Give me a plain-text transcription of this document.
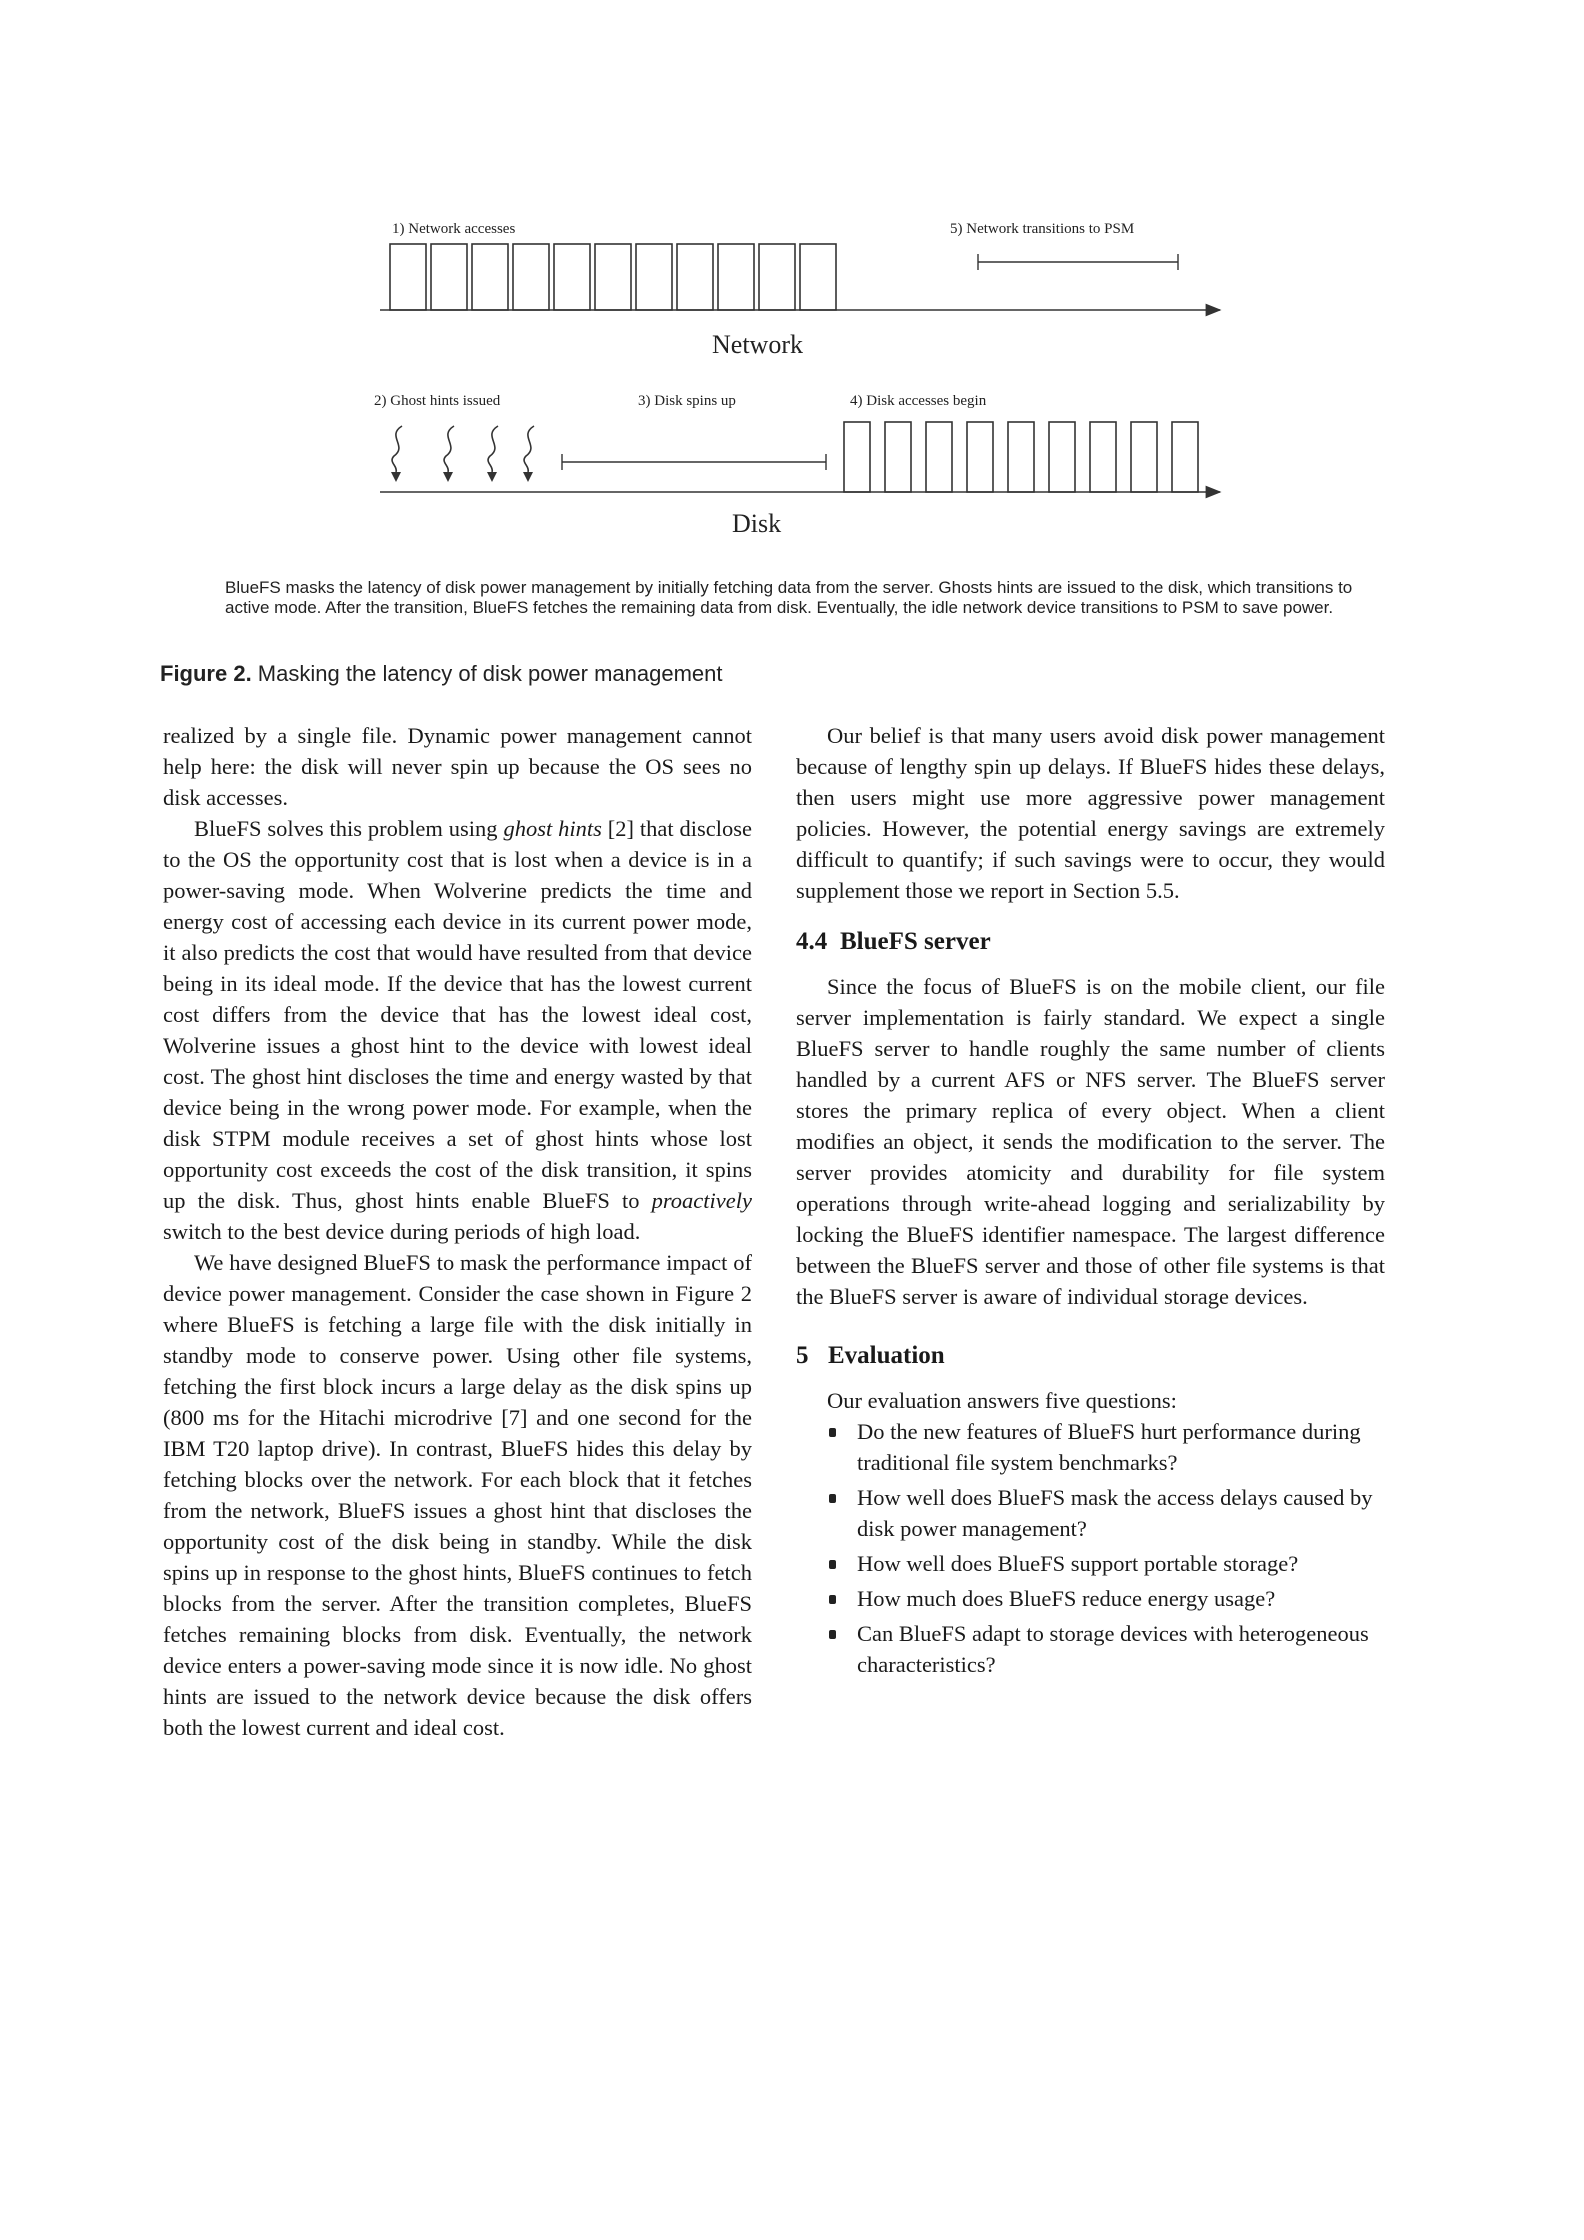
1) Network accesses	5) Network transitions to PSM
Network
2) Ghost hints issued	3) Disk spins up	4) Disk accesses begin
Disk
BlueFS masks the latency of disk power management by initially fetching data from the server. Ghosts hints are issued to the disk, which transitions to active mode. After the transition, BlueFS fetches the remaining data from disk. Eventually, the idle network device transitions to PSM to save power.
Figure 2. Masking the latency of disk power management

realized by a single file. Dynamic power management cannot help here: the disk will never spin up because the OS sees no disk accesses.

BlueFS solves this problem using ghost hints [2] that disclose to the OS the opportunity cost that is lost when a device is in a power-saving mode. When Wolverine predicts the time and energy cost of accessing each device in its current power mode, it also predicts the cost that would have resulted from that device being in its ideal mode. If the device that has the lowest current cost differs from the device that has the lowest ideal cost, Wolverine issues a ghost hint to the device with lowest ideal cost. The ghost hint discloses the time and energy wasted by that device being in the wrong power mode. For example, when the disk STPM module receives a set of ghost hints whose lost opportunity cost exceeds the cost of the disk transition, it spins up the disk. Thus, ghost hints enable BlueFS to proactively switch to the best device during periods of high load.

We have designed BlueFS to mask the performance impact of device power management. Consider the case shown in Figure 2 where BlueFS is fetching a large file with the disk initially in standby mode to conserve power. Using other file systems, fetching the first block incurs a large delay as the disk spins up (800 ms for the Hitachi microdrive [7] and one second for the IBM T20 laptop drive). In contrast, BlueFS hides this delay by fetching blocks over the network. For each block that it fetches from the network, BlueFS issues a ghost hint that discloses the opportunity cost of the disk being in standby. While the disk spins up in response to the ghost hints, BlueFS continues to fetch blocks from the server. After the transition completes, BlueFS fetches remaining blocks from disk. Eventually, the network device enters a power-saving mode since it is now idle. No ghost hints are issued to the network device because the disk offers both the lowest current and ideal cost.

Our belief is that many users avoid disk power management because of lengthy spin up delays. If BlueFS hides these delays, then users might use more aggressive power management policies. However, the potential energy savings are extremely difficult to quantify; if such savings were to occur, they would supplement those we report in Section 5.5.

4.4 BlueFS server

Since the focus of BlueFS is on the mobile client, our file server implementation is fairly standard. We expect a single BlueFS server to handle roughly the same number of clients handled by a current AFS or NFS server. The BlueFS server stores the primary replica of every object. When a client modifies an object, it sends the modification to the server. The server provides atomicity and durability for file system operations through write-ahead logging and serializability by locking the BlueFS identifier namespace. The largest difference between the BlueFS server and those of other file systems is that the BlueFS server is aware of individual storage devices.

5 Evaluation

Our evaluation answers five questions:

Do the new features of BlueFS hurt performance during traditional file system benchmarks?
How well does BlueFS mask the access delays caused by disk power management?
How well does BlueFS support portable storage?
How much does BlueFS reduce energy usage?
Can BlueFS adapt to storage devices with heterogeneous characteristics?
